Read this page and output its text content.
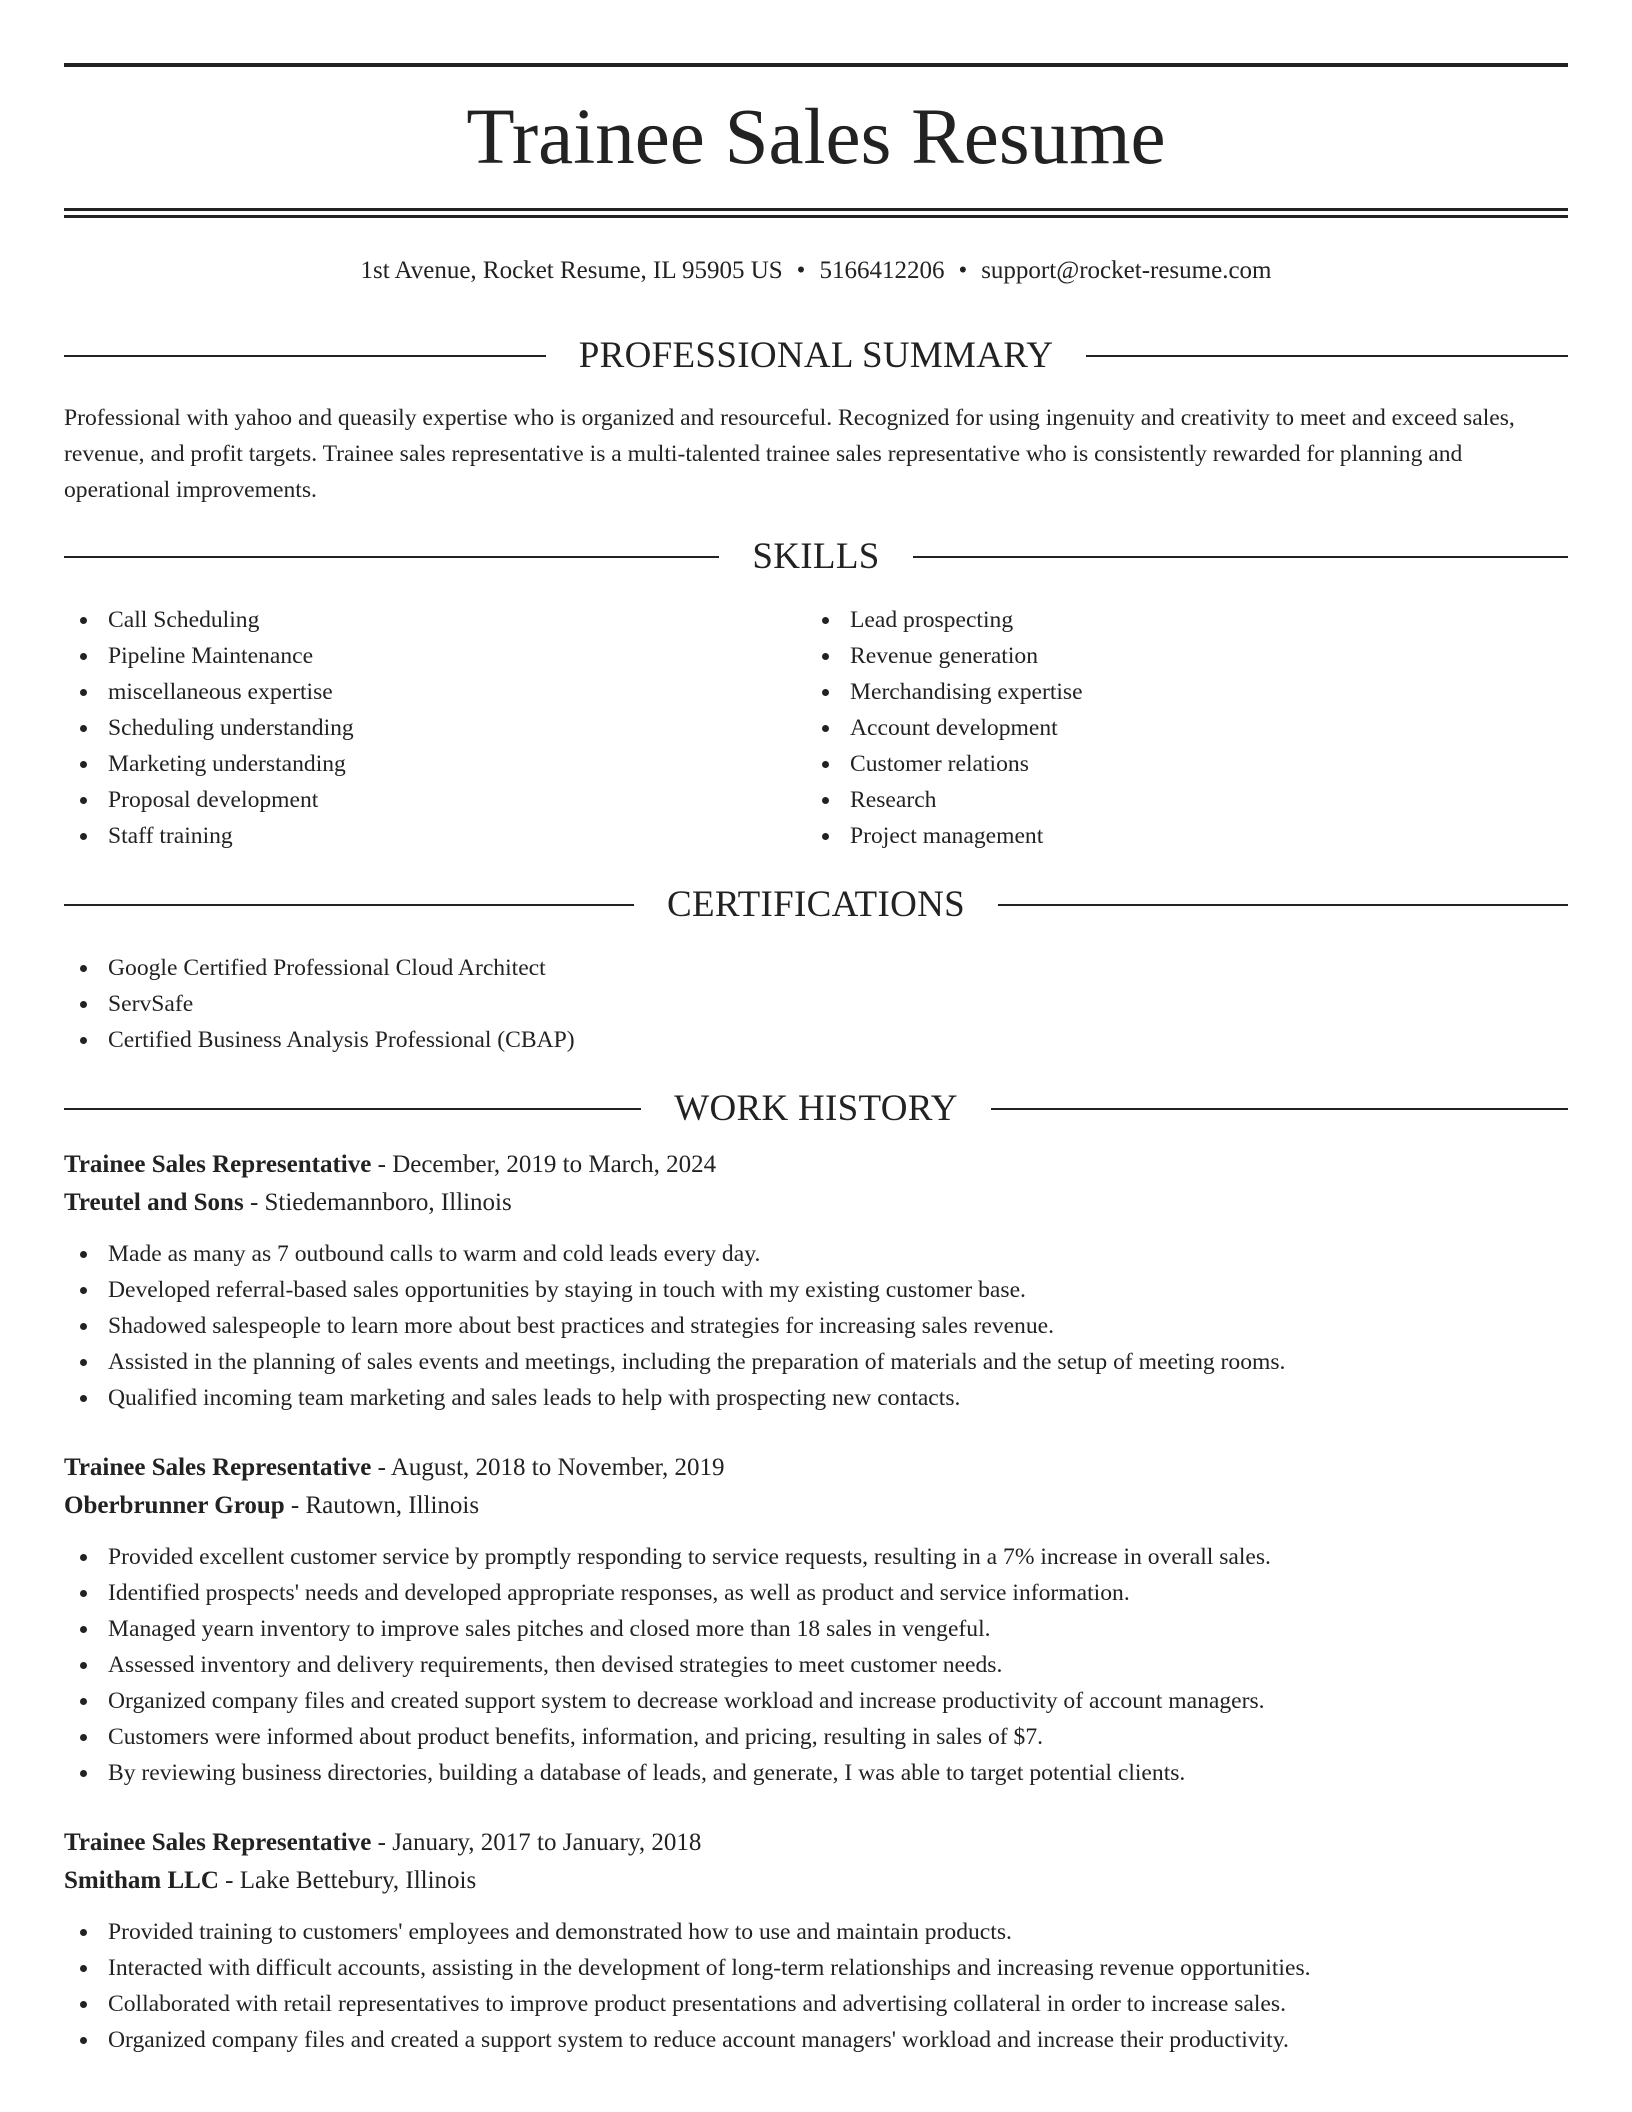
Trainee Sales Resume
1st Avenue, Rocket Resume, IL 95905 US • 5166412206 • support@rocket-resume.com
PROFESSIONAL SUMMARY

Professional with yahoo and queasily expertise who is organized and resourceful. Recognized for using ingenuity and creativity to meet and exceed sales, revenue, and profit targets. Trainee sales representative is a multi-talented trainee sales representative who is consistently rewarded for planning and operational improvements.

SKILLS
Call Scheduling
Pipeline Maintenance
miscellaneous expertise
Scheduling understanding
Marketing understanding
Proposal development
Staff training
Lead prospecting
Revenue generation
Merchandising expertise
Account development
Customer relations
Research
Project management
CERTIFICATIONS
Google Certified Professional Cloud Architect
ServSafe
Certified Business Analysis Professional (CBAP)
WORK HISTORY
Trainee Sales Representative - December, 2019 to March, 2024
Treutel and Sons - Stiedemannboro, Illinois
Made as many as 7 outbound calls to warm and cold leads every day.
Developed referral-based sales opportunities by staying in touch with my existing customer base.
Shadowed salespeople to learn more about best practices and strategies for increasing sales revenue.
Assisted in the planning of sales events and meetings, including the preparation of materials and the setup of meeting rooms.
Qualified incoming team marketing and sales leads to help with prospecting new contacts.
Trainee Sales Representative - August, 2018 to November, 2019
Oberbrunner Group - Rautown, Illinois
Provided excellent customer service by promptly responding to service requests, resulting in a 7% increase in overall sales.
Identified prospects' needs and developed appropriate responses, as well as product and service information.
Managed yearn inventory to improve sales pitches and closed more than 18 sales in vengeful.
Assessed inventory and delivery requirements, then devised strategies to meet customer needs.
Organized company files and created support system to decrease workload and increase productivity of account managers.
Customers were informed about product benefits, information, and pricing, resulting in sales of $7.
By reviewing business directories, building a database of leads, and generate, I was able to target potential clients.
Trainee Sales Representative - January, 2017 to January, 2018
Smitham LLC - Lake Bettebury, Illinois
Provided training to customers' employees and demonstrated how to use and maintain products.
Interacted with difficult accounts, assisting in the development of long-term relationships and increasing revenue opportunities.
Collaborated with retail representatives to improve product presentations and advertising collateral in order to increase sales.
Organized company files and created a support system to reduce account managers' workload and increase their productivity.
